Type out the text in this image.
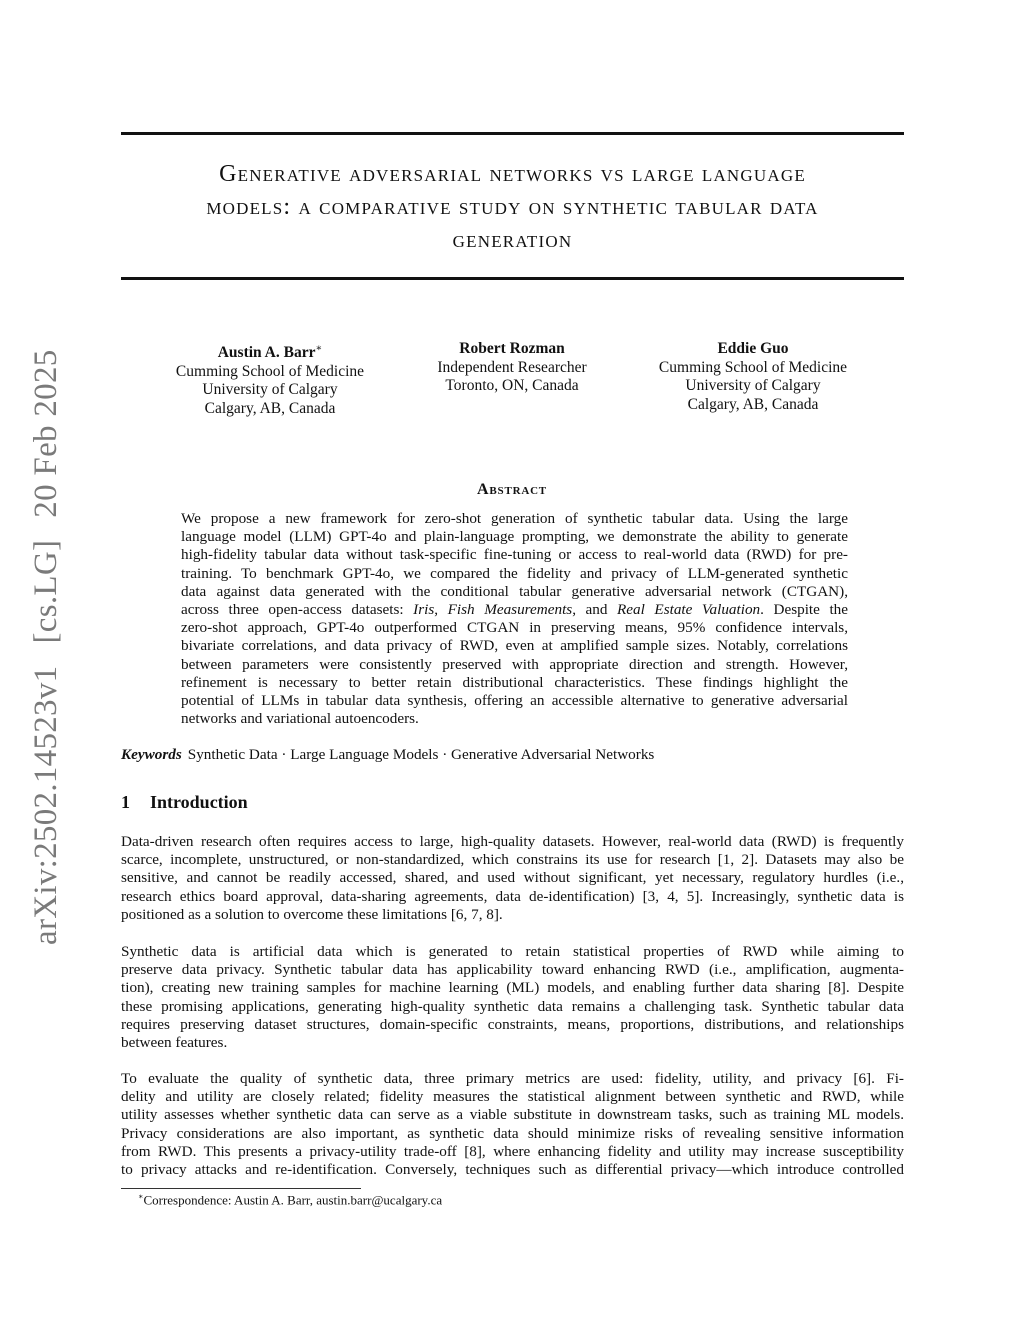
arXiv:2502.14523v1[cs.LG]20 Feb 2025
Generative adversarial networks vs large language
models: a comparative study on synthetic tabular data
generation
Austin A. Barr∗
Cumming School of Medicine
University of Calgary
Calgary, AB, Canada
Robert Rozman
Independent Researcher
Toronto, ON, Canada
Eddie Guo
Cumming School of Medicine
University of Calgary
Calgary, AB, Canada
Abstract
We propose a new framework for zero-shot generation of synthetic tabular data. Using the large
language model (LLM) GPT-4o and plain-language prompting, we demonstrate the ability to generate
high-fidelity tabular data without task-specific fine-tuning or access to real-world data (RWD) for pre-
training. To benchmark GPT-4o, we compared the fidelity and privacy of LLM-generated synthetic
data against data generated with the conditional tabular generative adversarial network (CTGAN),
across three open-access datasets: Iris, Fish Measurements, and Real Estate Valuation. Despite the
zero-shot approach, GPT-4o outperformed CTGAN in preserving means, 95% confidence intervals,
bivariate correlations, and data privacy of RWD, even at amplified sample sizes. Notably, correlations
between parameters were consistently preserved with appropriate direction and strength. However,
refinement is necessary to better retain distributional characteristics. These findings highlight the
potential of LLMs in tabular data synthesis, offering an accessible alternative to generative adversarial
networks and variational autoencoders.
Keywords Synthetic Data · Large Language Models · Generative Adversarial Networks
1 Introduction
Data-driven research often requires access to large, high-quality datasets. However, real-world data (RWD) is frequently
scarce, incomplete, unstructured, or non-standardized, which constrains its use for research [1, 2]. Datasets may also be
sensitive, and cannot be readily accessed, shared, and used without significant, yet necessary, regulatory hurdles (i.e.,
research ethics board approval, data-sharing agreements, data de-identification) [3, 4, 5]. Increasingly, synthetic data is
positioned as a solution to overcome these limitations [6, 7, 8].
Synthetic data is artificial data which is generated to retain statistical properties of RWD while aiming to
preserve data privacy. Synthetic tabular data has applicability toward enhancing RWD (i.e., amplification, augmenta-
tion), creating new training samples for machine learning (ML) models, and enabling further data sharing [8]. Despite
these promising applications, generating high-quality synthetic data remains a challenging task. Synthetic tabular data
requires preserving dataset structures, domain-specific constraints, means, proportions, distributions, and relationships
between features.
To evaluate the quality of synthetic data, three primary metrics are used: fidelity, utility, and privacy [6]. Fi-
delity and utility are closely related; fidelity measures the statistical alignment between synthetic and RWD, while
utility assesses whether synthetic data can serve as a viable substitute in downstream tasks, such as training ML models.
Privacy considerations are also important, as synthetic data should minimize risks of revealing sensitive information
from RWD. This presents a privacy-utility trade-off [8], where enhancing fidelity and utility may increase susceptibility
to privacy attacks and re-identification. Conversely, techniques such as differential privacy—which introduce controlled
∗Correspondence: Austin A. Barr, austin.barr@ucalgary.ca
